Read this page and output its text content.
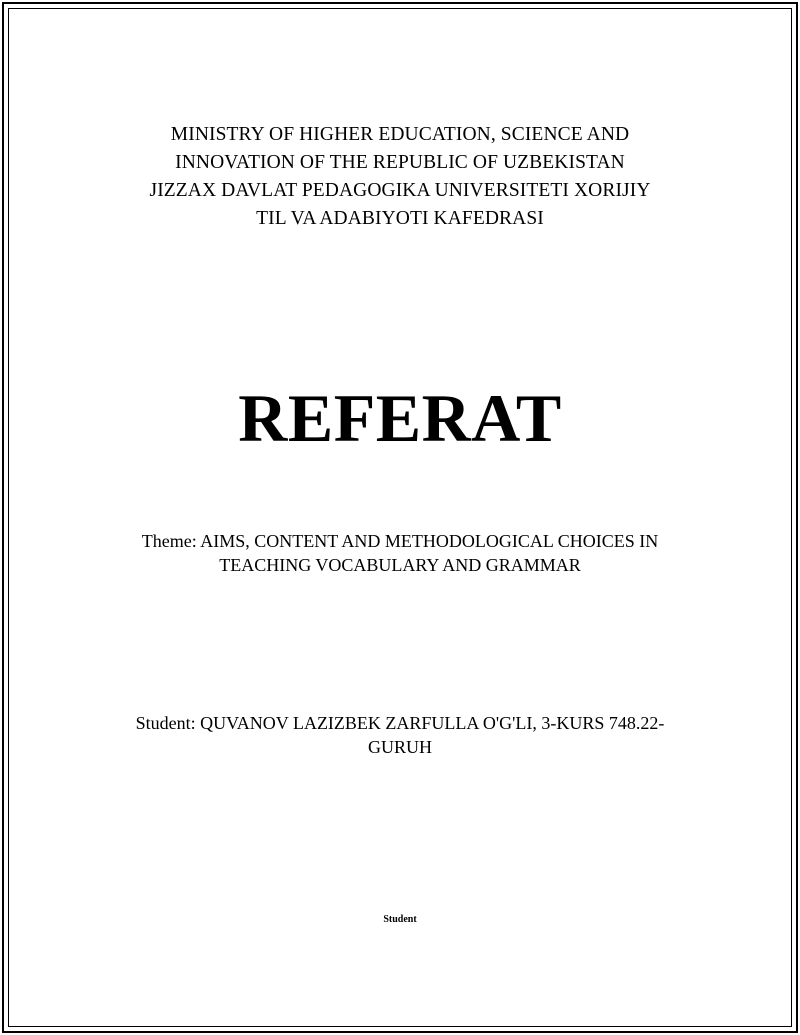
MINISTRY OF HIGHER EDUCATION, SCIENCE AND
INNOVATION OF THE REPUBLIC OF UZBEKISTAN
JIZZAX DAVLAT PEDAGOGIKA UNIVERSITETI XORIJIY
TIL VA ADABIYOTI KAFEDRASI
REFERAT
Theme: AIMS, CONTENT AND METHODOLOGICAL CHOICES IN TEACHING VOCABULARY AND GRAMMAR
Student: QUVANOV LAZIZBEK ZARFULLA O'G'LI, 3-KURS 748.22-GURUH
Student
